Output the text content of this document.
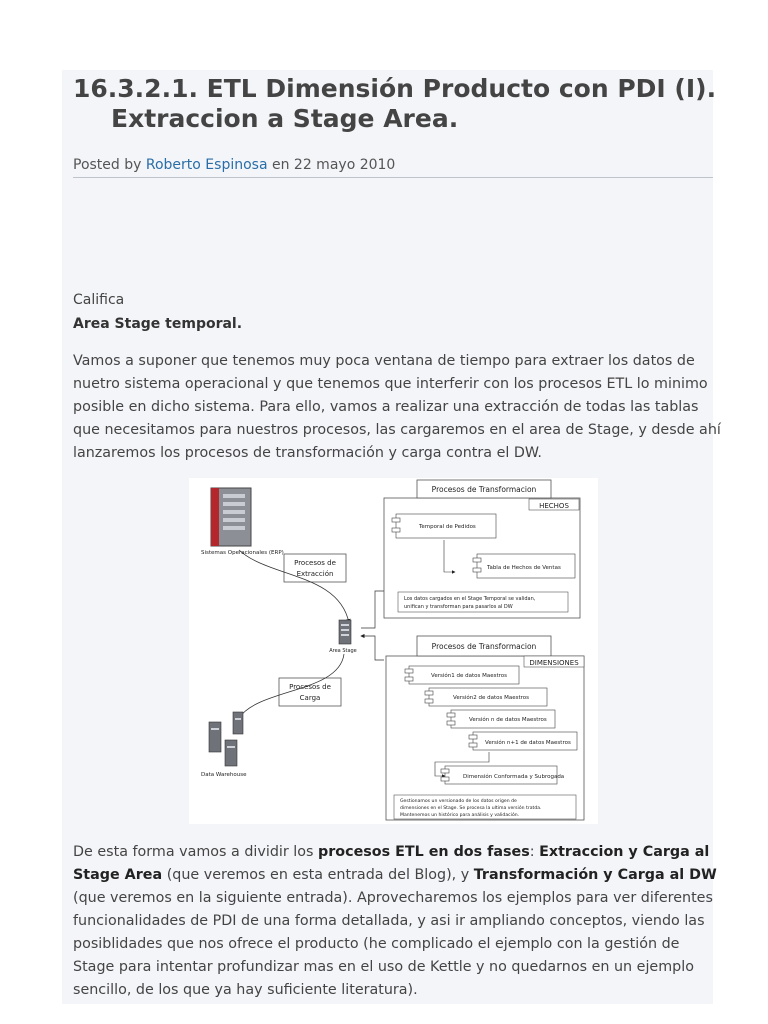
16.3.2.1. ETL Dimensión Producto con PDI (I). Extraccion a Stage Area.
Posted by Roberto Espinosa en 22 mayo 2010
Califica
Area Stage temporal.

Vamos a suponer que tenemos muy poca ventana de tiempo para extraer los datos de nuetro sistema operacional y que tenemos que interferir con los procesos ETL lo minimo posible en dicho sistema. Para ello, vamos a realizar una extracción de todas las tablas que necesitamos para nuestros procesos, las cargaremos en el area de Stage, y desde ahí lanzaremos los procesos de transformación y carga contra el DW.

De esta forma vamos a dividir los procesos ETL en dos fases: Extraccion y Carga al Stage Area (que veremos en esta entrada del Blog), y Transformación y Carga al DW (que veremos en la siguiente entrada). Aprovecharemos los ejemplos para ver diferentes funcionalidades de PDI de una forma detallada, y asi ir ampliando conceptos, viendo las posiblidades que nos ofrece el producto (he complicado el ejemplo con la gestión de Stage para intentar profundizar mas en el uso de Kettle y no quedarnos en un ejemplo sencillo, de los que ya hay suficiente literatura).

Sistemas Operacionales (ERP)
Procesos de
Extracción
Area Stage
Procesos de
Carga
Data Warehouse
Procesos de Transformacion
HECHOS
Temporal de Pedidos
Tabla de Hechos de Ventas
Los datos cargados en el Stage Temporal se validan,
unifican y transforman para pasarlos al DW
Procesos de Transformacion
DIMENSIONES
Versión1 de datos Maestros
Versión2 de datos Maestros
Versión n de datos Maestros
Versión n+1 de datos Maestros
Dimensión Conformada y Subrogada
Gestionamos un versionado de los datos origen de
dimensiones en el Stage. Se procesa la ultima versión tratda.
Mantenemos un histórico para análisis y validación.
